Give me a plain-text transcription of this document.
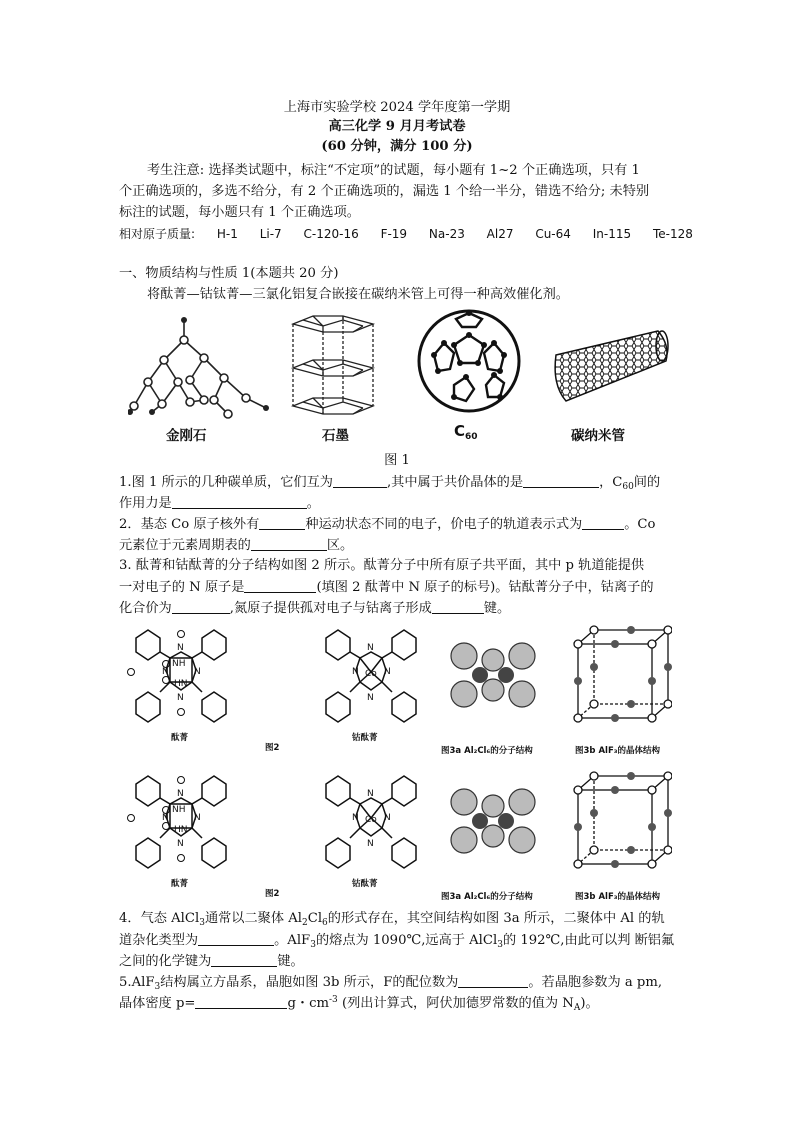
上海市实验学校 2024 学年度第一学期
高三化学 9 月月考试卷
(60 分钟，满分 100 分)
考生注意: 选择类试题中，标注“不定项”的试题，每小题有 1~2 个正确选项，只有 1
个正确选项的，多选不给分，有 2 个正确选项的，漏选 1 个给一半分，错选不给分; 未特别
标注的试题，每小题只有 1 个正确选项。
相对原子质量: H-1 Li-7 C-120-16 F-19 Na-23 Al27 Cu-64 In-115 Te-128
一、物质结构与性质 1(本题共 20 分)
将酞菁—钴钛菁—三氯化铝复合嵌接在碳纳米管上可得一种高效催化剂。
金刚石	石墨	$C_{60}$	碳纳米管
图 1
1.图 1 所示的几种碳单质，它们互为	,其中属于共价晶体的是	，$C_{60}$间的
作用力是	。
2．基态 Co 原子核外有	种运动状态不同的电子，价电子的轨道表示式为	。Co
元素位于元素周期表的	区。
3. 酞菁和钴酞菁的分子结构如图 2 所示。酞菁分子中所有原子共平面，其中 p 轨道能提供
一对电子的 N 原子是	(填图 2 酞菁中 N 原子的标号)。钴酞菁分子中，钴离子的
化合价为	,氮原子提供孤对电子与钴离子形成	键。
NH
HN
N
N
N	N	Co
N
N
N	N
酞菁
图2
钴酞菁
图3a Al₂Cl₆的分子结构	图3b AlF₃的晶体结构
NH
HN
N
N
N	N	Co
N
N
N	N
酞菁
图2
钴酞菁
图3a Al₂Cl₆的分子结构	图3b AlF₃的晶体结构
4．气态 AlCl$_3$通常以二聚体 $Al_2Cl_6$的形式存在，其空间结构如图 3a 所示，二聚体中 Al 的轨
道杂化类型为	。AlF$_3$的熔点为 1090℃,远高于 AlCl$_3$的 192℃,由此可以判 断铝氟
之间的化学键为	键。
5.AlF$_3$结构属立方晶系，晶胞如图 3b 所示，F的配位数为	。若晶胞参数为 a pm,
晶体密度 p=	g・$cm^{-3}$ (列出计算式，阿伏加德罗常数的值为 $N_A$)。
